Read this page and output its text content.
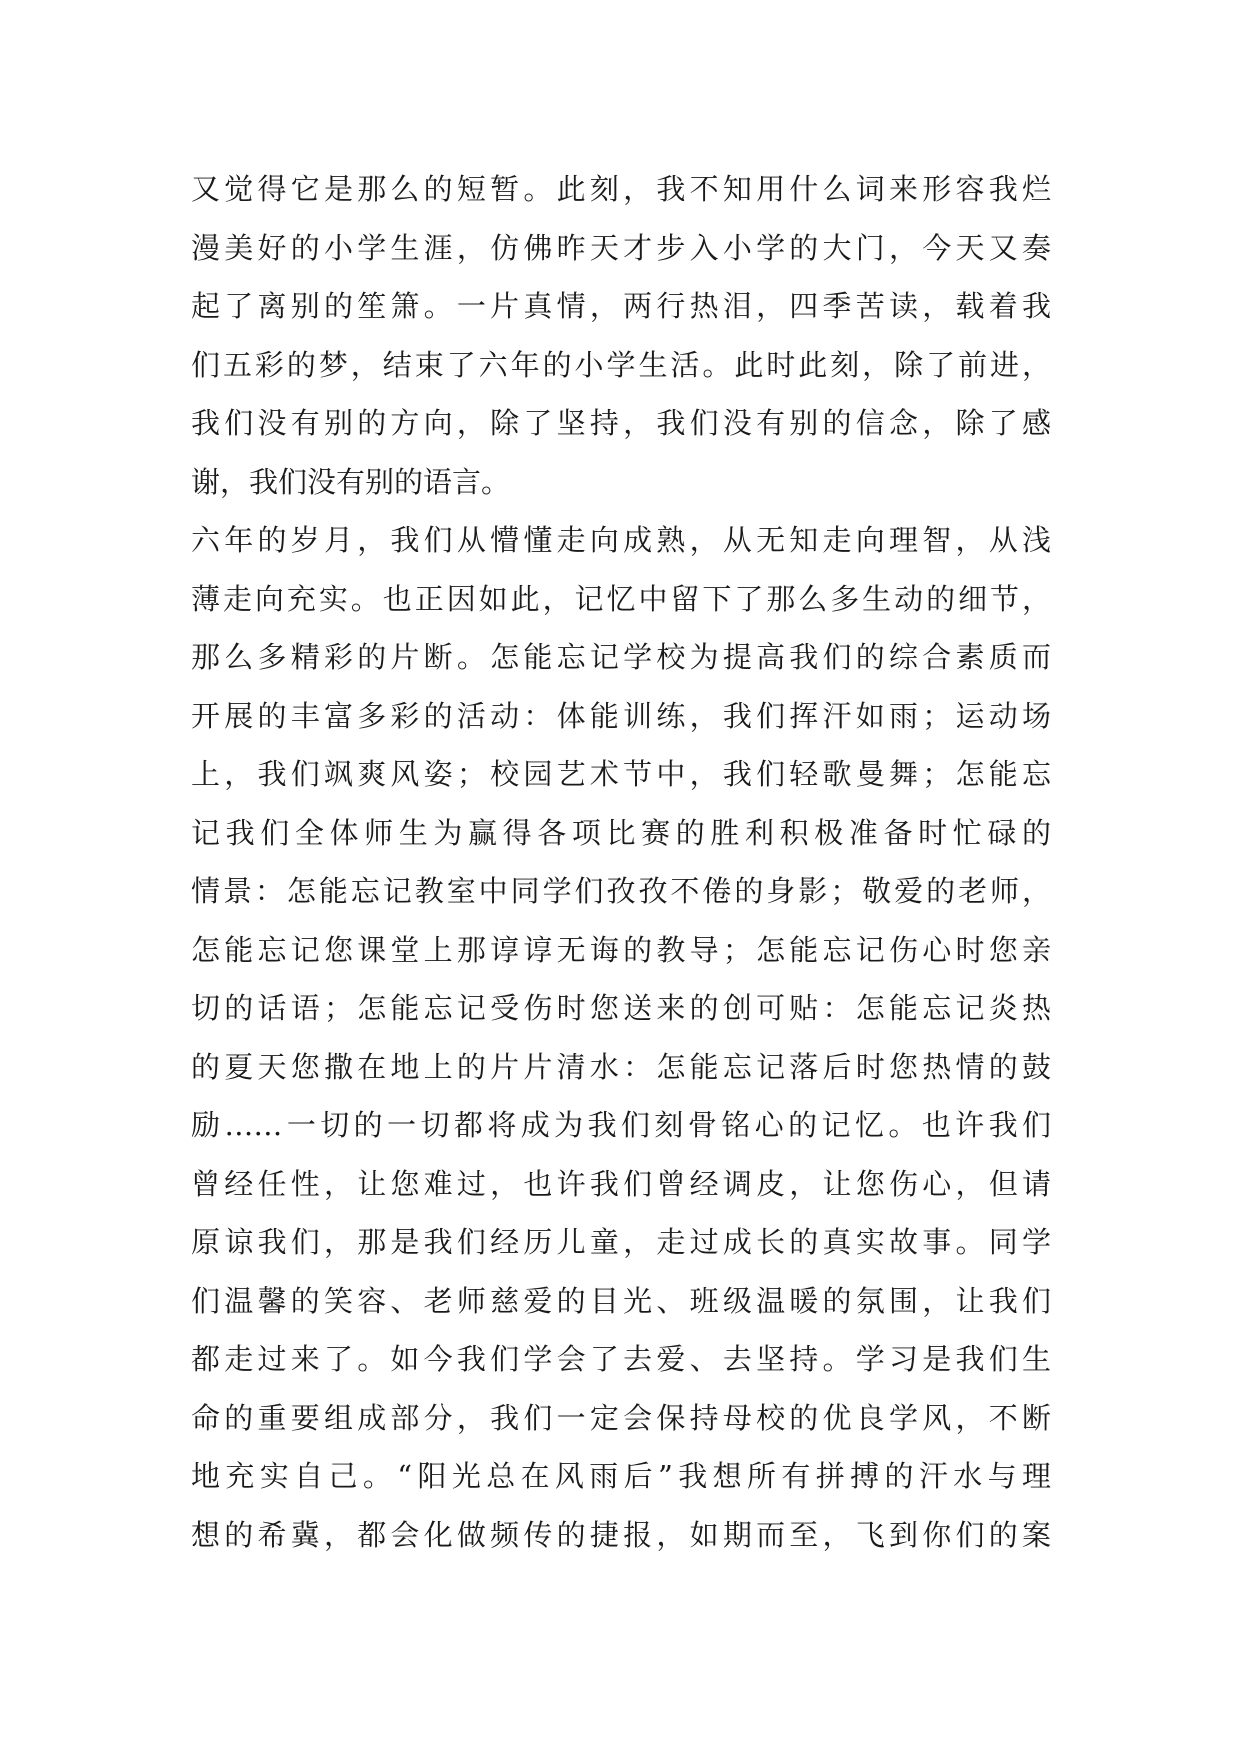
又觉得它是那么的短暂。此刻，我不知用什么词来形容我烂
漫美好的小学生涯，仿佛昨天才步入小学的大门，今天又奏
起了离别的笙箫。一片真情，两行热泪，四季苦读，载着我
们五彩的梦，结束了六年的小学生活。此时此刻，除了前进，
我们没有别的方向，除了坚持，我们没有别的信念，除了感
谢，我们没有别的语言。
六年的岁月，我们从懵懂走向成熟，从无知走向理智，从浅
薄走向充实。也正因如此，记忆中留下了那么多生动的细节，
那么多精彩的片断。怎能忘记学校为提高我们的综合素质而
开展的丰富多彩的活动：体能训练，我们挥汗如雨；运动场
上，我们飒爽风姿；校园艺术节中，我们轻歌曼舞；怎能忘
记我们全体师生为赢得各项比赛的胜利积极准备时忙碌的
情景：怎能忘记教室中同学们孜孜不倦的身影；敬爱的老师，
怎能忘记您课堂上那谆谆无诲的教导；怎能忘记伤心时您亲
切的话语；怎能忘记受伤时您送来的创可贴：怎能忘记炎热
的夏天您撒在地上的片片清水：怎能忘记落后时您热情的鼓
励……一切的一切都将成为我们刻骨铭心的记忆。也许我们
曾经任性，让您难过，也许我们曾经调皮，让您伤心，但请
原谅我们，那是我们经历儿童，走过成长的真实故事。同学
们温馨的笑容、老师慈爱的目光、班级温暖的氛围，让我们
都走过来了。如今我们学会了去爱、去坚持。学习是我们生
命的重要组成部分，我们一定会保持母校的优良学风，不断
地充实自己。“阳光总在风雨后”我想所有拼搏的汗水与理
想的希冀，都会化做频传的捷报，如期而至，飞到你们的案
